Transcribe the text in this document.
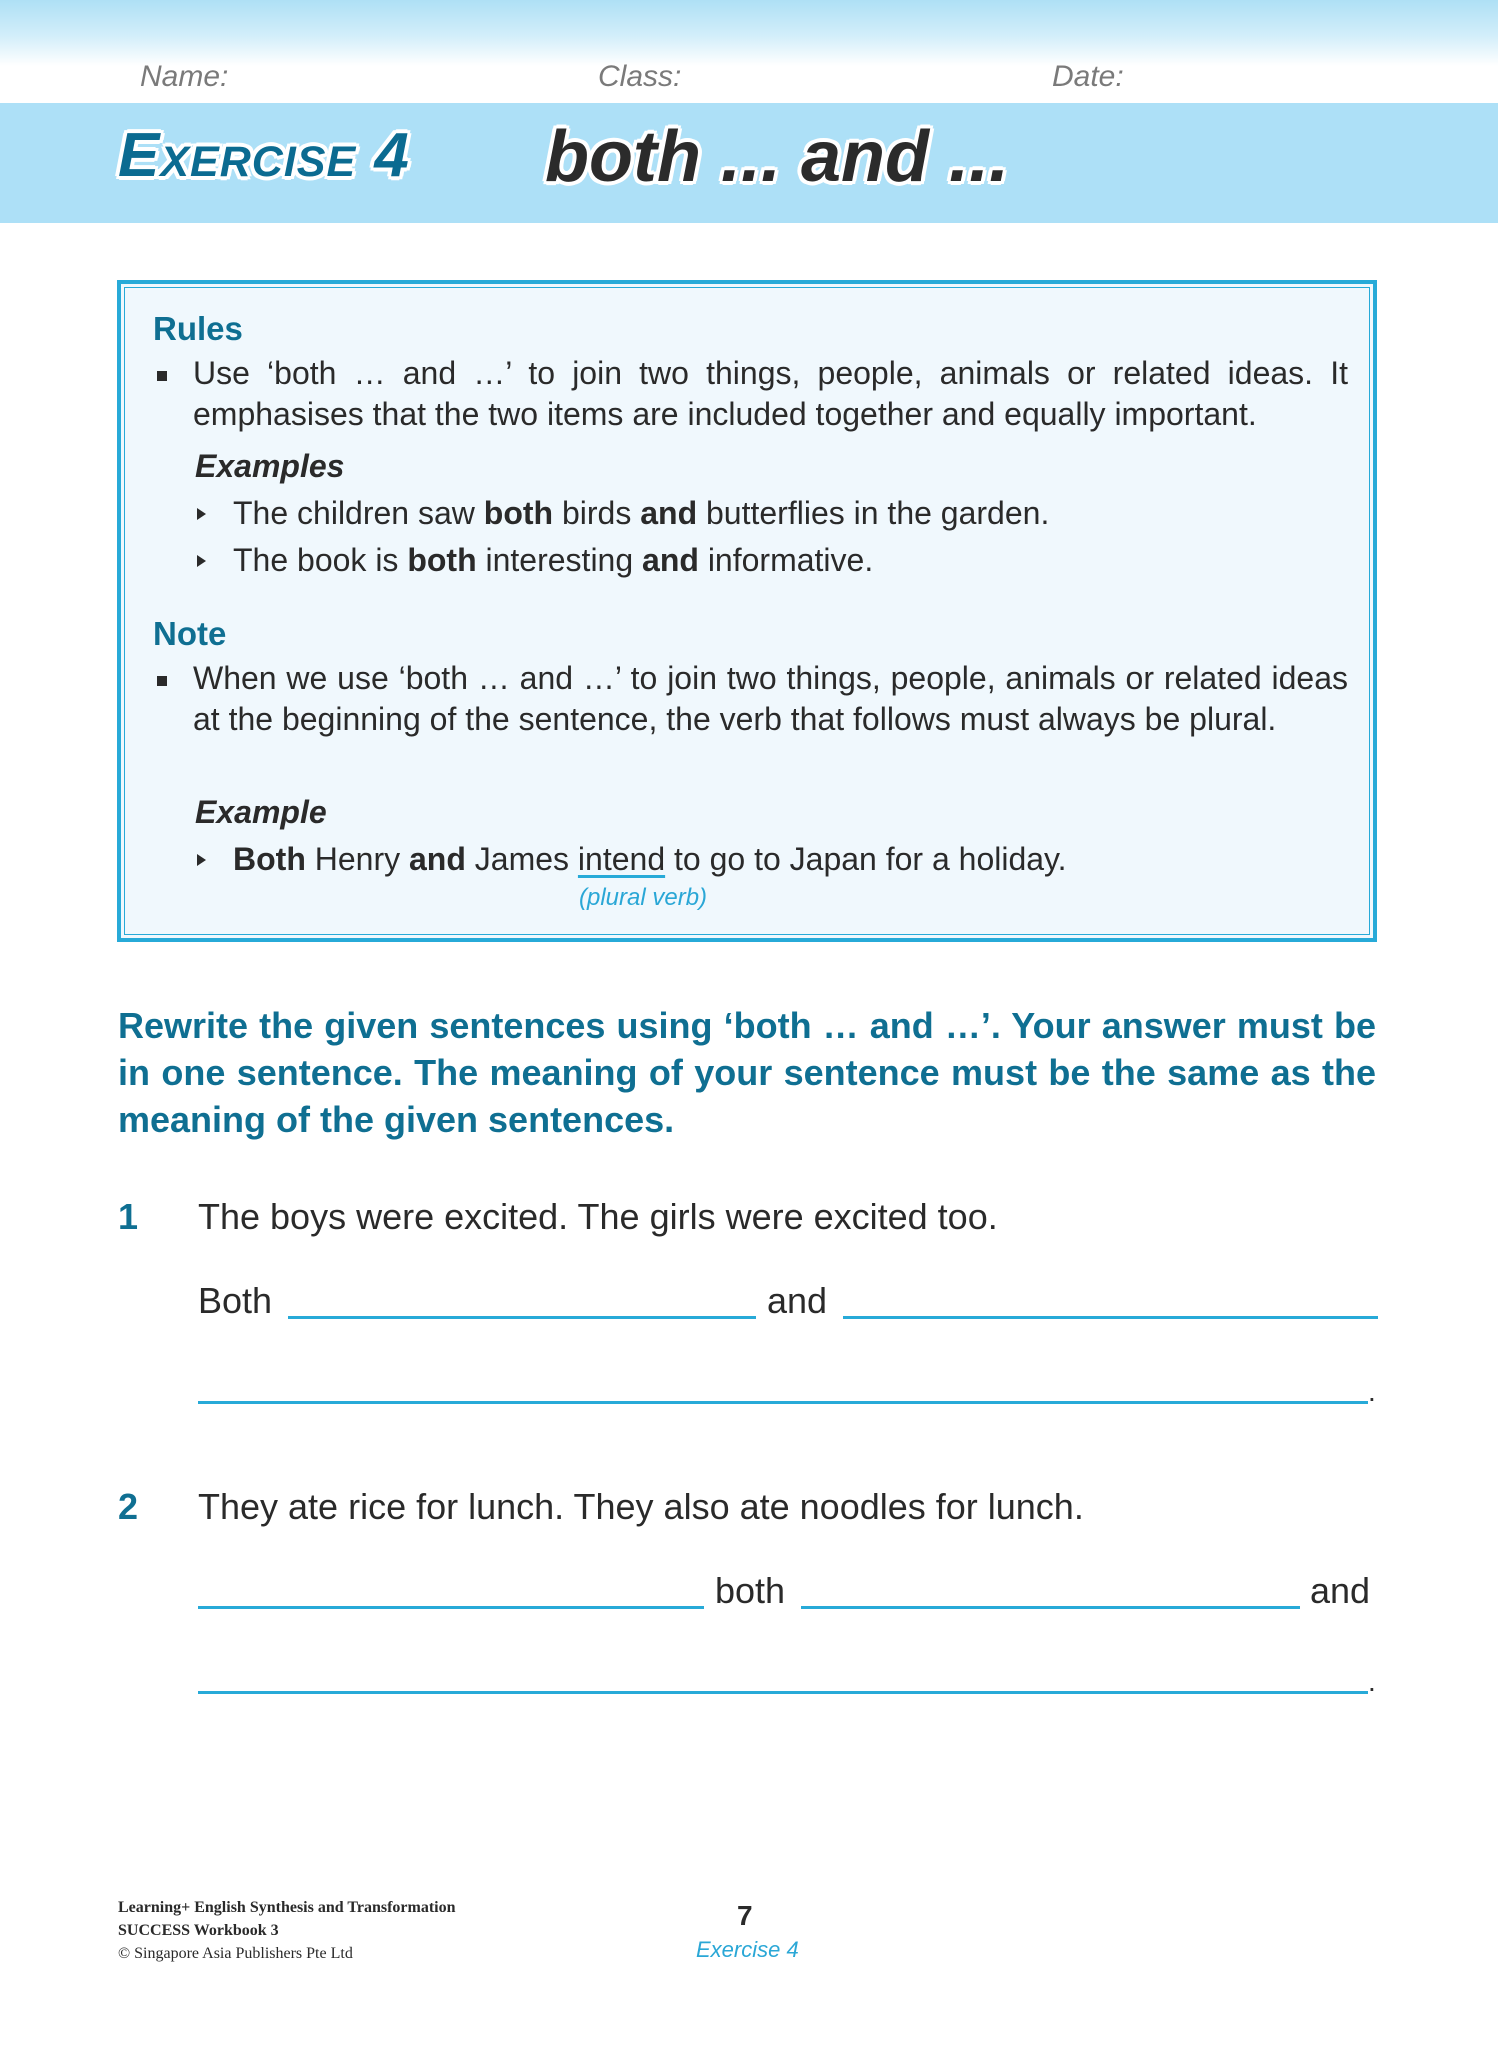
Name:	Class:	Date:
Exercise 4 both ... and ...
Rules
Use ‘both … and …’ to join two things, people, animals or related ideas. It emphasises that the two items are included together and equally important.
Examples
The children saw both birds and butterflies in the garden.
The book is both interesting and informative.
Note
When we use ‘both … and …’ to join two things, people, animals or related ideas at the beginning of the sentence, the verb that follows must always be plural.
Example
Both Henry and James intend to go to Japan for a holiday.
(plural verb)
Rewrite the given sentences using ‘both … and …’. Your answer must be in one sentence. The meaning of your sentence must be the same as the meaning of the given sentences.
1 The boys were excited. The girls were excited too.
Both	and
.
2 They ate rice for lunch. They also ate noodles for lunch.
both	and
.
Learning+ English Synthesis and Transformation
SUCCESS Workbook 3
© Singapore Asia Publishers Pte Ltd
7
Exercise 4
